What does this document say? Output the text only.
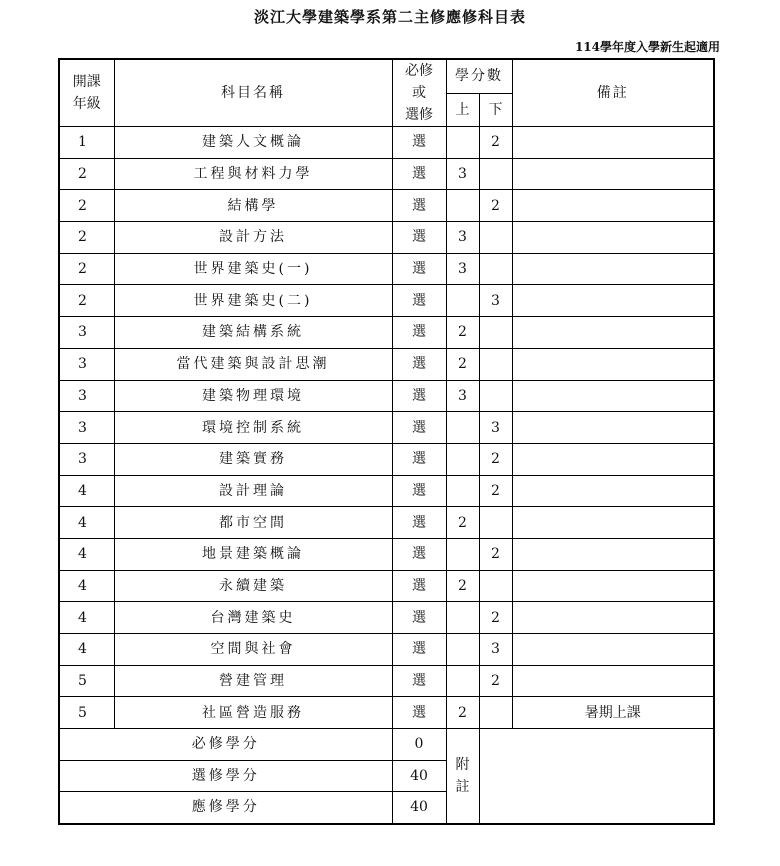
淡江大學建築學系第二主修應修科目表
114學年度入學新生起適用
開課
年級	科目名稱	必修
或
選修	學分數		備註
			上	下	
1	建築人文概論	選		2	
2	工程與材料力學	選	3		
2	結構學	選		2	
2	設計方法	選	3		
2	世界建築史(一)	選	3		
2	世界建築史(二)	選		3	
3	建築結構系統	選	2		
3	當代建築與設計思潮	選	2		
3	建築物理環境	選	3		
3	環境控制系統	選		3	
3	建築實務	選		2	
4	設計理論	選		2	
4	都市空間	選	2		
4	地景建築概論	選		2	
4	永續建築	選	2		
4	台灣建築史	選		2	
4	空間與社會	選		3	
5	營建管理	選		2	
5	社區營造服務	選	2		暑期上課
必修學分		0	附
註		
選修學分		40			
應修學分		40			
